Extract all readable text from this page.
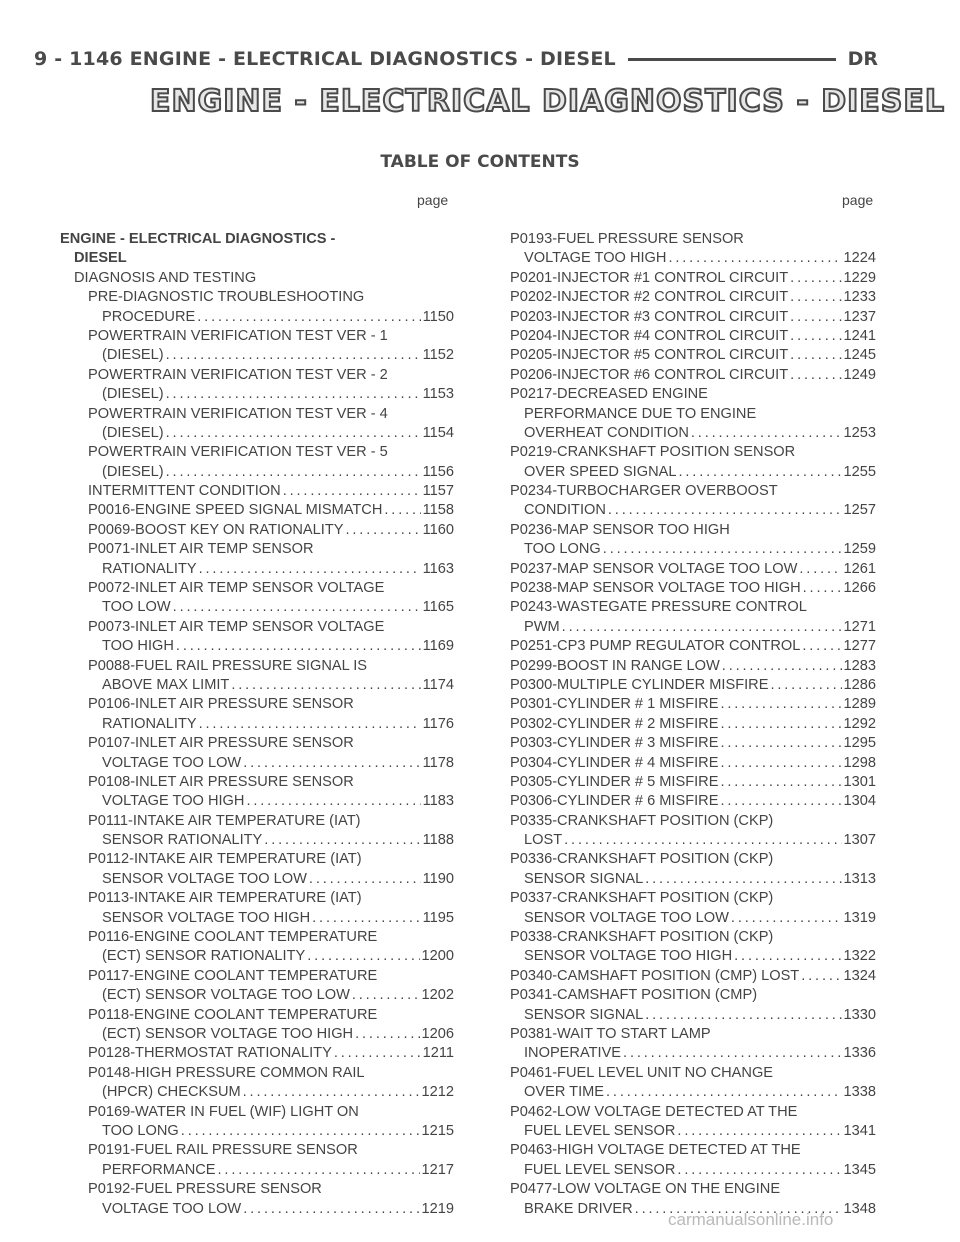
9 - 1146 ENGINE - ELECTRICAL DIAGNOSTICS - DIESEL	DR
ENGINE - ELECTRICAL DIAGNOSTICS - DIESEL
TABLE OF CONTENTS
page	page
ENGINE - ELECTRICAL DIAGNOSTICS -
DIESEL
DIAGNOSIS AND TESTING
PRE-DIAGNOSTIC TROUBLESHOOTING
PROCEDURE . . .	1150
POWERTRAIN VERIFICATION TEST VER - 1
(DIESEL) . . .	1152
POWERTRAIN VERIFICATION TEST VER - 2
(DIESEL) . . .	1153
POWERTRAIN VERIFICATION TEST VER - 4
(DIESEL) . . .	1154
POWERTRAIN VERIFICATION TEST VER - 5
(DIESEL) . . .	1156
INTERMITTENT CONDITION . . .	1157
P0016-ENGINE SPEED SIGNAL MISMATCH . . .	1158
P0069-BOOST KEY ON RATIONALITY . . .	1160
P0071-INLET AIR TEMP SENSOR
RATIONALITY . . .	1163
P0072-INLET AIR TEMP SENSOR VOLTAGE
TOO LOW . . .	1165
P0073-INLET AIR TEMP SENSOR VOLTAGE
TOO HIGH . . .	1169
P0088-FUEL RAIL PRESSURE SIGNAL IS
ABOVE MAX LIMIT . . .	1174
P0106-INLET AIR PRESSURE SENSOR
RATIONALITY . . .	1176
P0107-INLET AIR PRESSURE SENSOR
VOLTAGE TOO LOW . . .	1178
P0108-INLET AIR PRESSURE SENSOR
VOLTAGE TOO HIGH . . .	1183
P0111-INTAKE AIR TEMPERATURE (IAT)
SENSOR RATIONALITY . . .	1188
P0112-INTAKE AIR TEMPERATURE (IAT)
SENSOR VOLTAGE TOO LOW . . .	1190
P0113-INTAKE AIR TEMPERATURE (IAT)
SENSOR VOLTAGE TOO HIGH . . .	1195
P0116-ENGINE COOLANT TEMPERATURE
(ECT) SENSOR RATIONALITY . . .	1200
P0117-ENGINE COOLANT TEMPERATURE
(ECT) SENSOR VOLTAGE TOO LOW . . .	1202
P0118-ENGINE COOLANT TEMPERATURE
(ECT) SENSOR VOLTAGE TOO HIGH . . .	1206
P0128-THERMOSTAT RATIONALITY . . .	1211
P0148-HIGH PRESSURE COMMON RAIL
(HPCR) CHECKSUM . . .	1212
P0169-WATER IN FUEL (WIF) LIGHT ON
TOO LONG . . .	1215
P0191-FUEL RAIL PRESSURE SENSOR
PERFORMANCE . . .	1217
P0192-FUEL PRESSURE SENSOR
VOLTAGE TOO LOW . . .	1219
P0193-FUEL PRESSURE SENSOR
VOLTAGE TOO HIGH . . .	1224
P0201-INJECTOR #1 CONTROL CIRCUIT . . .	1229
P0202-INJECTOR #2 CONTROL CIRCUIT . . .	1233
P0203-INJECTOR #3 CONTROL CIRCUIT . . .	1237
P0204-INJECTOR #4 CONTROL CIRCUIT . . .	1241
P0205-INJECTOR #5 CONTROL CIRCUIT . . .	1245
P0206-INJECTOR #6 CONTROL CIRCUIT . . .	1249
P0217-DECREASED ENGINE
PERFORMANCE DUE TO ENGINE
OVERHEAT CONDITION . . .	1253
P0219-CRANKSHAFT POSITION SENSOR
OVER SPEED SIGNAL . . .	1255
P0234-TURBOCHARGER OVERBOOST
CONDITION . . .	1257
P0236-MAP SENSOR TOO HIGH
TOO LONG . . .	1259
P0237-MAP SENSOR VOLTAGE TOO LOW . . .	1261
P0238-MAP SENSOR VOLTAGE TOO HIGH . . .	1266
P0243-WASTEGATE PRESSURE CONTROL
PWM . . .	1271
P0251-CP3 PUMP REGULATOR CONTROL . . .	1277
P0299-BOOST IN RANGE LOW . . .	1283
P0300-MULTIPLE CYLINDER MISFIRE . . .	1286
P0301-CYLINDER # 1 MISFIRE . . .	1289
P0302-CYLINDER # 2 MISFIRE . . .	1292
P0303-CYLINDER # 3 MISFIRE . . .	1295
P0304-CYLINDER # 4 MISFIRE . . .	1298
P0305-CYLINDER # 5 MISFIRE . . .	1301
P0306-CYLINDER # 6 MISFIRE . . .	1304
P0335-CRANKSHAFT POSITION (CKP)
LOST . . .	1307
P0336-CRANKSHAFT POSITION (CKP)
SENSOR SIGNAL . . .	1313
P0337-CRANKSHAFT POSITION (CKP)
SENSOR VOLTAGE TOO LOW . . .	1319
P0338-CRANKSHAFT POSITION (CKP)
SENSOR VOLTAGE TOO HIGH . . .	1322
P0340-CAMSHAFT POSITION (CMP) LOST . . .	1324
P0341-CAMSHAFT POSITION (CMP)
SENSOR SIGNAL . . .	1330
P0381-WAIT TO START LAMP
INOPERATIVE . . .	1336
P0461-FUEL LEVEL UNIT NO CHANGE
OVER TIME . . .	1338
P0462-LOW VOLTAGE DETECTED AT THE
FUEL LEVEL SENSOR . . .	1341
P0463-HIGH VOLTAGE DETECTED AT THE
FUEL LEVEL SENSOR . . .	1345
P0477-LOW VOLTAGE ON THE ENGINE
BRAKE DRIVER . . .	1348
carmanualsonline.info
